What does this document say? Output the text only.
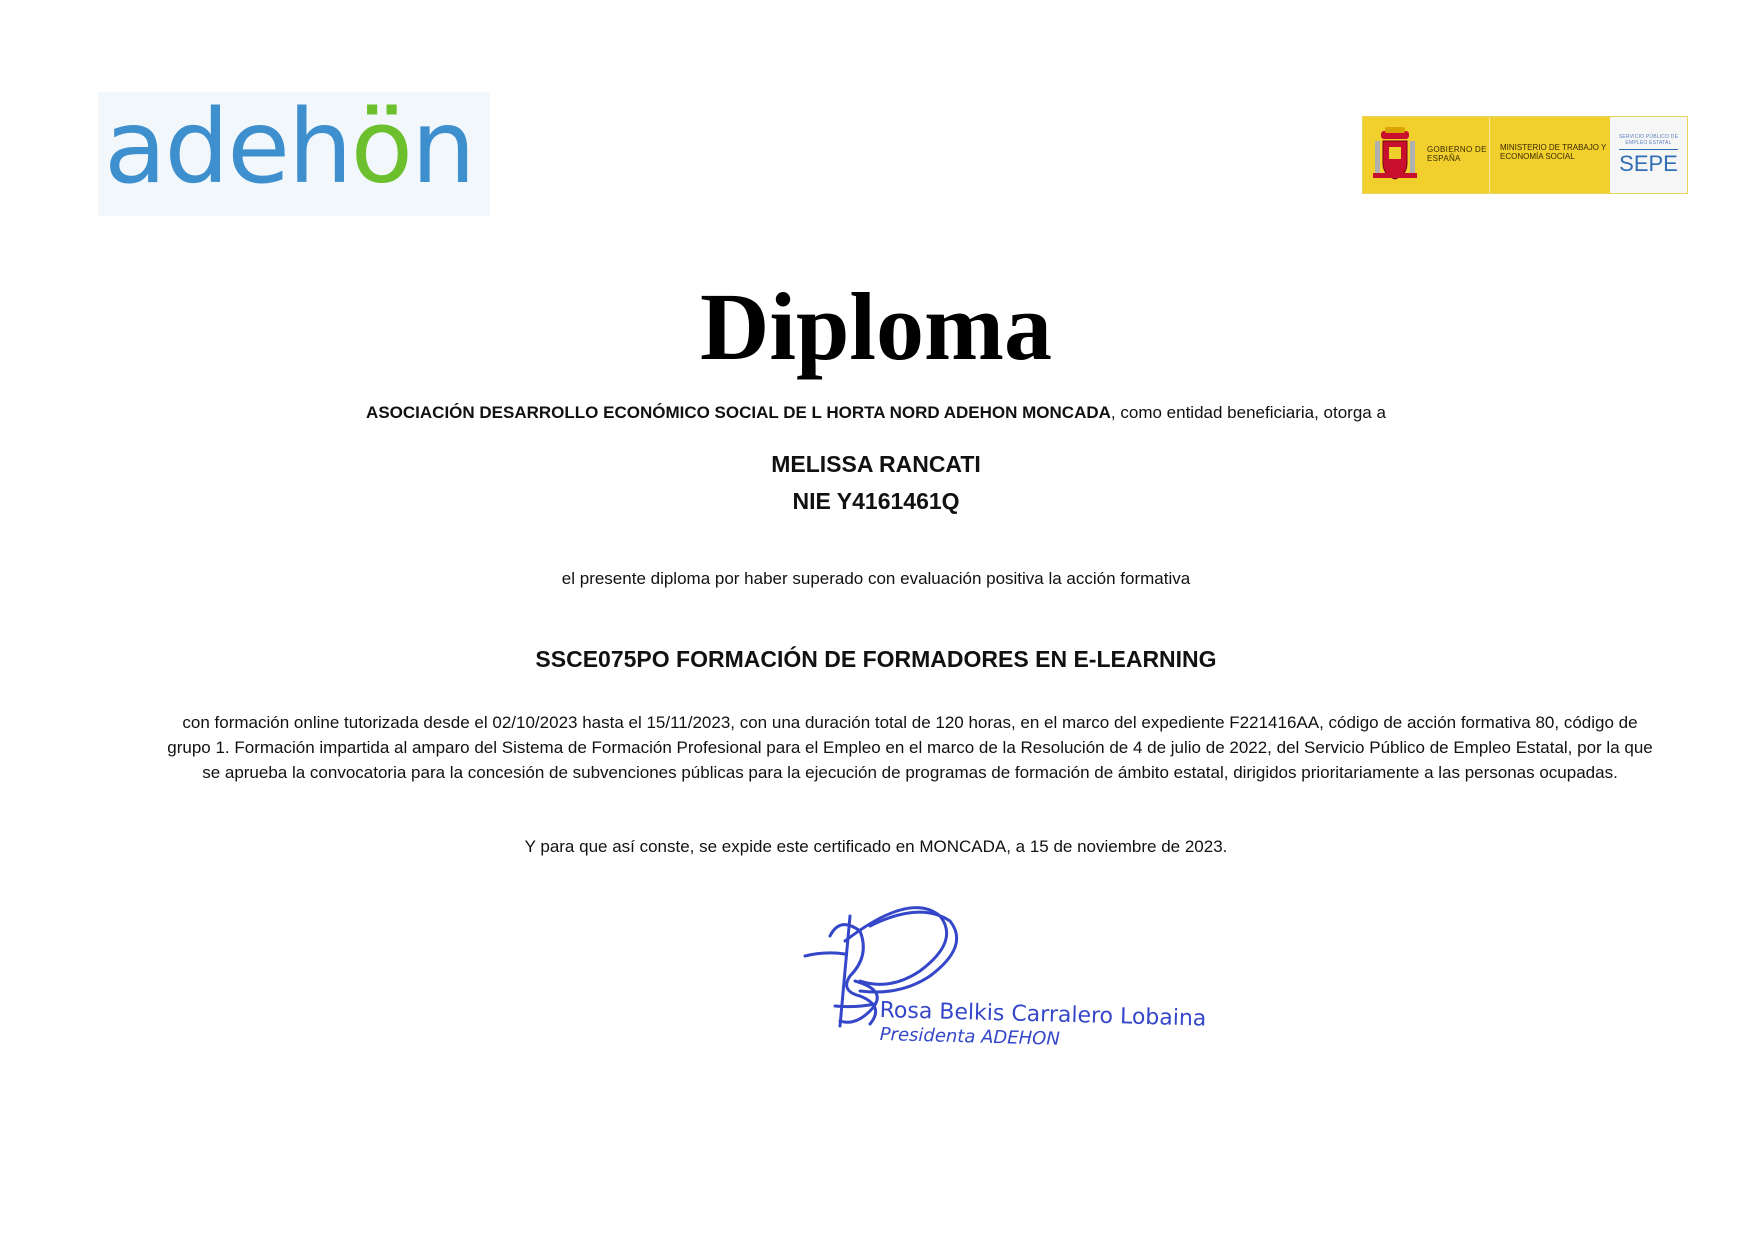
adehön	GOBIERNO DE ESPAÑA
MINISTERIO DE TRABAJO Y ECONOMÍA SOCIAL
SERVICIO PÚBLICO DE EMPLEO ESTATAL
SEPE
Diploma
ASOCIACIÓN DESARROLLO ECONÓMICO SOCIAL DE L HORTA NORD ADEHON MONCADA, como entidad beneficiaria, otorga a
MELISSA RANCATI
NIE Y4161461Q
el presente diploma por haber superado con evaluación positiva la acción formativa
SSCE075PO FORMACIÓN DE FORMADORES EN E-LEARNING
con formación online tutorizada desde el 02/10/2023 hasta el 15/11/2023, con una duración total de 120 horas, en el marco del expediente F221416AA, código de acción formativa 80, código de grupo 1. Formación impartida al amparo del Sistema de Formación Profesional para el Empleo en el marco de la Resolución de 4 de julio de 2022, del Servicio Público de Empleo Estatal, por la que se aprueba la convocatoria para la concesión de subvenciones públicas para la ejecución de programas de formación de ámbito estatal, dirigidos prioritariamente a las personas ocupadas.
Y para que así conste, se expide este certificado en MONCADA, a 15 de noviembre de 2023.
Rosa Belkis Carralero Lobaina
Presidenta ADEHON
